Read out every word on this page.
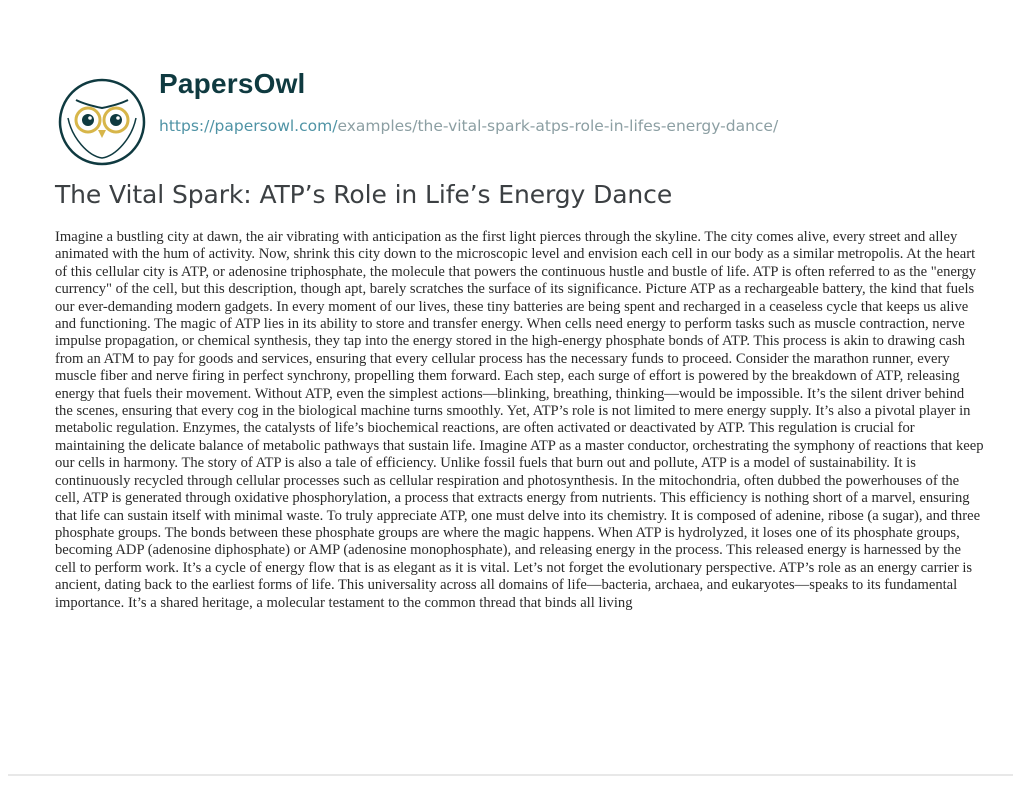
PapersOwl
https://papersowl.com/examples/the-vital-spark-atps-role-in-lifes-energy-dance/
The Vital Spark: ATP’s Role in Life’s Energy Dance

Imagine a bustling city at dawn, the air vibrating with anticipation as the first light pierces through the skyline. The city comes alive, every street and alley animated with the hum of activity. Now, shrink this city down to the microscopic level and envision each cell in our body as a similar metropolis. At the heart of this cellular city is ATP, or adenosine triphosphate, the molecule that powers the continuous hustle and bustle of life. ATP is often referred to as the "energy currency" of the cell, but this description, though apt, barely scratches the surface of its significance. Picture ATP as a rechargeable battery, the kind that fuels our ever-demanding modern gadgets. In every moment of our lives, these tiny batteries are being spent and recharged in a ceaseless cycle that keeps us alive and functioning. The magic of ATP lies in its ability to store and transfer energy. When cells need energy to perform tasks such as muscle contraction, nerve impulse propagation, or chemical synthesis, they tap into the energy stored in the high-energy phosphate bonds of ATP. This process is akin to drawing cash from an ATM to pay for goods and services, ensuring that every cellular process has the necessary funds to proceed. Consider the marathon runner, every muscle fiber and nerve firing in perfect synchrony, propelling them forward. Each step, each surge of effort is powered by the breakdown of ATP, releasing energy that fuels their movement. Without ATP, even the simplest actions—blinking, breathing, thinking—would be impossible. It’s the silent driver behind the scenes, ensuring that every cog in the biological machine turns smoothly. Yet, ATP’s role is not limited to mere energy supply. It’s also a pivotal player in metabolic regulation. Enzymes, the catalysts of life’s biochemical reactions, are often activated or deactivated by ATP. This regulation is crucial for maintaining the delicate balance of metabolic pathways that sustain life. Imagine ATP as a master conductor, orchestrating the symphony of reactions that keep our cells in harmony. The story of ATP is also a tale of efficiency. Unlike fossil fuels that burn out and pollute, ATP is a model of sustainability. It is continuously recycled through cellular processes such as cellular respiration and photosynthesis. In the mitochondria, often dubbed the powerhouses of the cell, ATP is generated through oxidative phosphorylation, a process that extracts energy from nutrients. This efficiency is nothing short of a marvel, ensuring that life can sustain itself with minimal waste. To truly appreciate ATP, one must delve into its chemistry. It is composed of adenine, ribose (a sugar), and three phosphate groups. The bonds between these phosphate groups are where the magic happens. When ATP is hydrolyzed, it loses one of its phosphate groups, becoming ADP (adenosine diphosphate) or AMP (adenosine monophosphate), and releasing energy in the process. This released energy is harnessed by the cell to perform work. It’s a cycle of energy flow that is as elegant as it is vital. Let’s not forget the evolutionary perspective. ATP’s role as an energy carrier is ancient, dating back to the earliest forms of life. This universality across all domains of life—bacteria, archaea, and eukaryotes—speaks to its fundamental importance. It’s a shared heritage, a molecular testament to the common thread that binds all living
